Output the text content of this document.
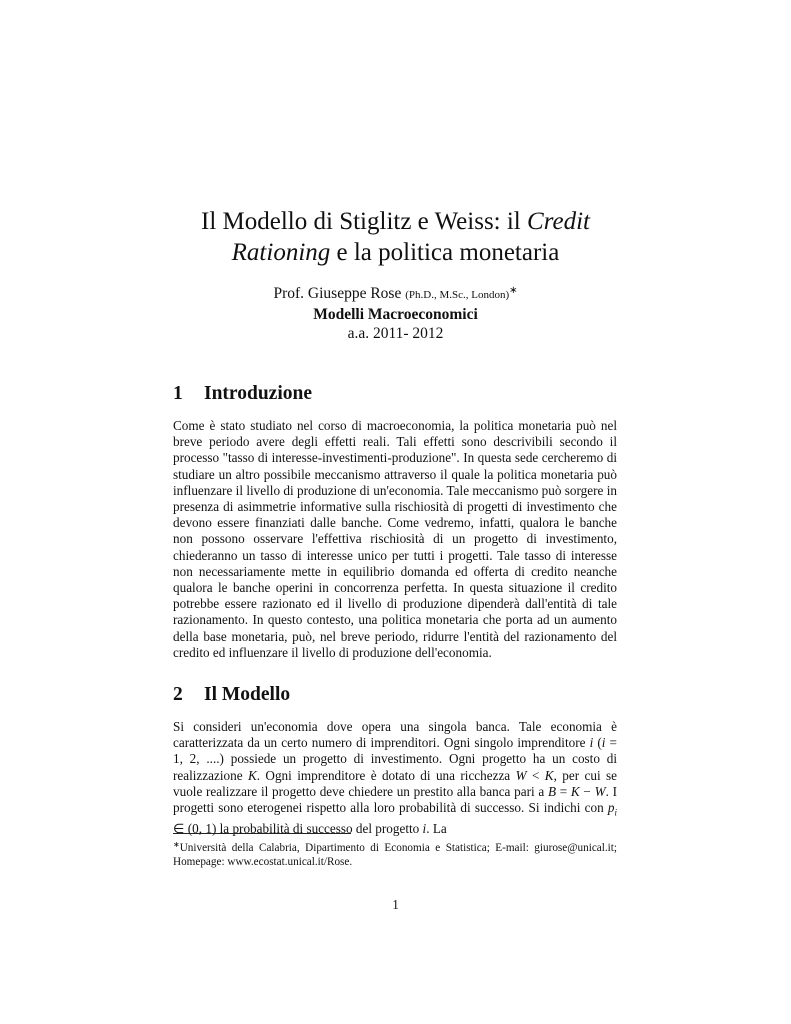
Il Modello di Stiglitz e Weiss: il Credit Rationing e la politica monetaria
Prof. Giuseppe Rose (Ph.D., M.Sc., London)∗
Modelli Macroeconomici
a.a. 2011- 2012
1 Introduzione

Come è stato studiato nel corso di macroeconomia, la politica monetaria può nel breve periodo avere degli effetti reali. Tali effetti sono descrivibili secondo il processo "tasso di interesse-investimenti-produzione". In questa sede cercheremo di studiare un altro possibile meccanismo attraverso il quale la politica monetaria può influenzare il livello di produzione di un'economia. Tale meccanismo può sorgere in presenza di asimmetrie informative sulla rischiosità di progetti di investimento che devono essere finanziati dalle banche. Come vedremo, infatti, qualora le banche non possono osservare l'effettiva rischiosità di un progetto di investimento, chiederanno un tasso di interesse unico per tutti i progetti. Tale tasso di interesse non necessariamente mette in equilibrio domanda ed offerta di credito neanche qualora le banche operini in concorrenza perfetta. In questa situazione il credito potrebbe essere razionato ed il livello di produzione dipenderà dall'entità di tale razionamento. In questo contesto, una politica monetaria che porta ad un aumento della base monetaria, può, nel breve periodo, ridurre l'entità del razionamento del credito ed influenzare il livello di produzione dell'economia.

2 Il Modello

Si consideri un'economia dove opera una singola banca. Tale economia è caratterizzata da un certo numero di imprenditori. Ogni singolo imprenditore i (i = 1, 2, ....) possiede un progetto di investimento. Ogni progetto ha un costo di realizzazione K. Ogni imprenditore è dotato di una ricchezza W < K, per cui se vuole realizzare il progetto deve chiedere un prestito alla banca pari a B = K − W. I progetti sono eterogenei rispetto alla loro probabilità di successo. Si indichi con $p_i$ ∈ (0, 1) la probabilità di successo del progetto i. La

∗Università della Calabria, Dipartimento di Economia e Statistica; E-mail: giurose@unical.it; Homepage: www.ecostat.unical.it/Rose.

1
